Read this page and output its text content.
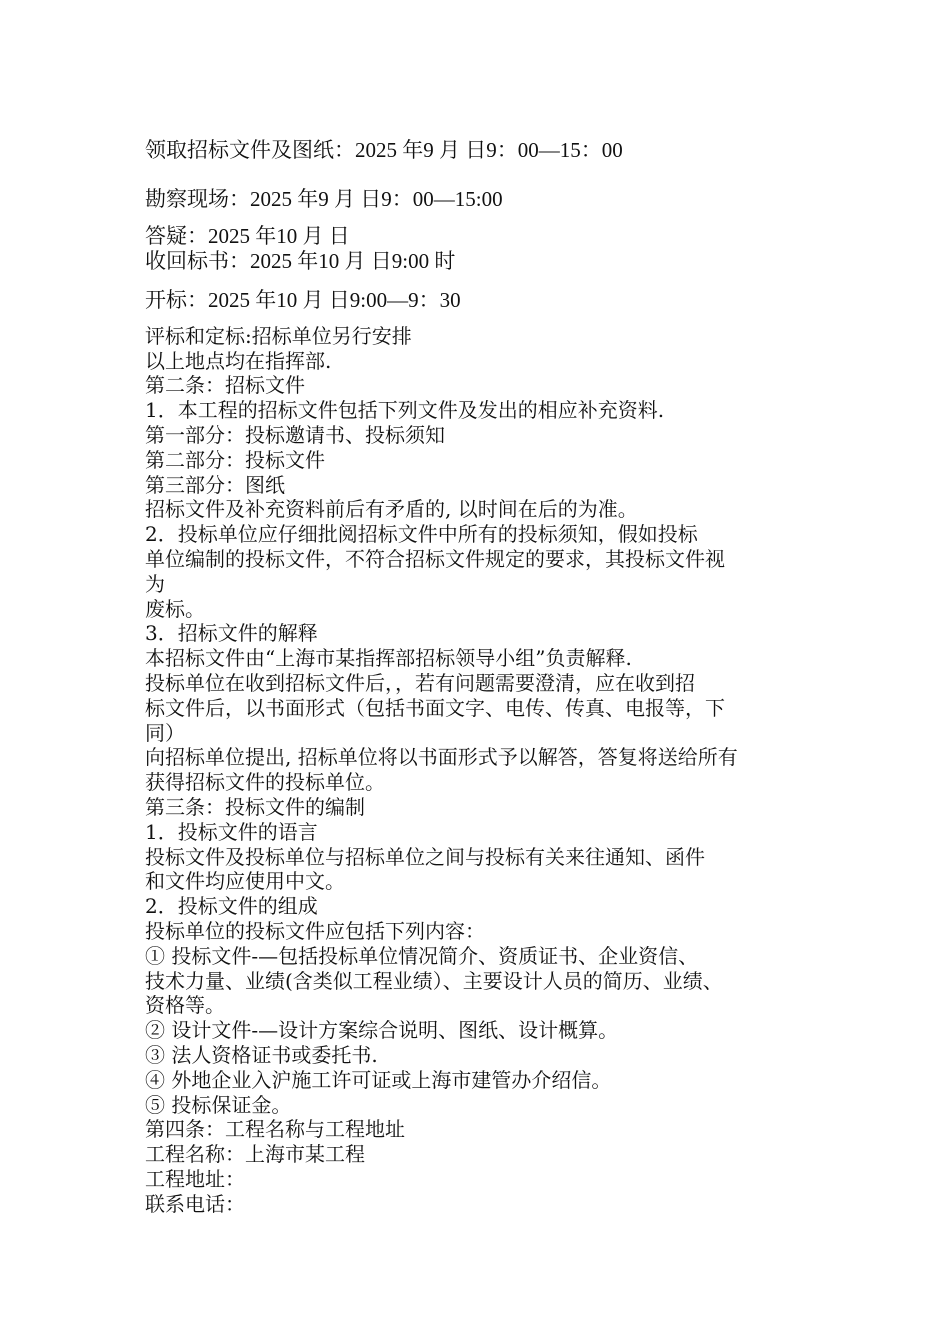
领取招标文件及图纸：2025 年9 月 日9：00—15：00
勘察现场：2025 年9 月 日9：00—15:00
答疑：2025 年10 月 日
收回标书：2025 年10 月 日9:00 时
开标：2025 年10 月 日9:00—9：30
评标和定标:招标单位另行安排
以上地点均在指挥部.
第二条：招标文件
1．本工程的招标文件包括下列文件及发出的相应补充资料.
第一部分：投标邀请书、投标须知
第二部分：投标文件
第三部分：图纸
招标文件及补充资料前后有矛盾的, 以时间在后的为准。
2．投标单位应仔细批阅招标文件中所有的投标须知，假如投标
单位编制的投标文件，不符合招标文件规定的要求，其投标文件视
为
废标。
3．招标文件的解释
本招标文件由“上海市某指挥部招标领导小组”负责解释.
投标单位在收到招标文件后，，若有问题需要澄清，应在收到招
标文件后，以书面形式（包括书面文字、电传、传真、电报等，下
同）
向招标单位提出, 招标单位将以书面形式予以解答，答复将送给所有
获得招标文件的投标单位。
第三条：投标文件的编制
1．投标文件的语言
投标文件及投标单位与招标单位之间与投标有关来往通知、函件
和文件均应使用中文。
2．投标文件的组成
投标单位的投标文件应包括下列内容：
① 投标文件-—包括投标单位情况简介、资质证书、企业资信、
技术力量、业绩(含类似工程业绩）、主要设计人员的简历、业绩、
资格等。
② 设计文件-—设计方案综合说明、图纸、设计概算。
③ 法人资格证书或委托书.
④ 外地企业入沪施工许可证或上海市建管办介绍信。
⑤ 投标保证金。
第四条：工程名称与工程地址
工程名称：上海市某工程
工程地址：
联系电话：
